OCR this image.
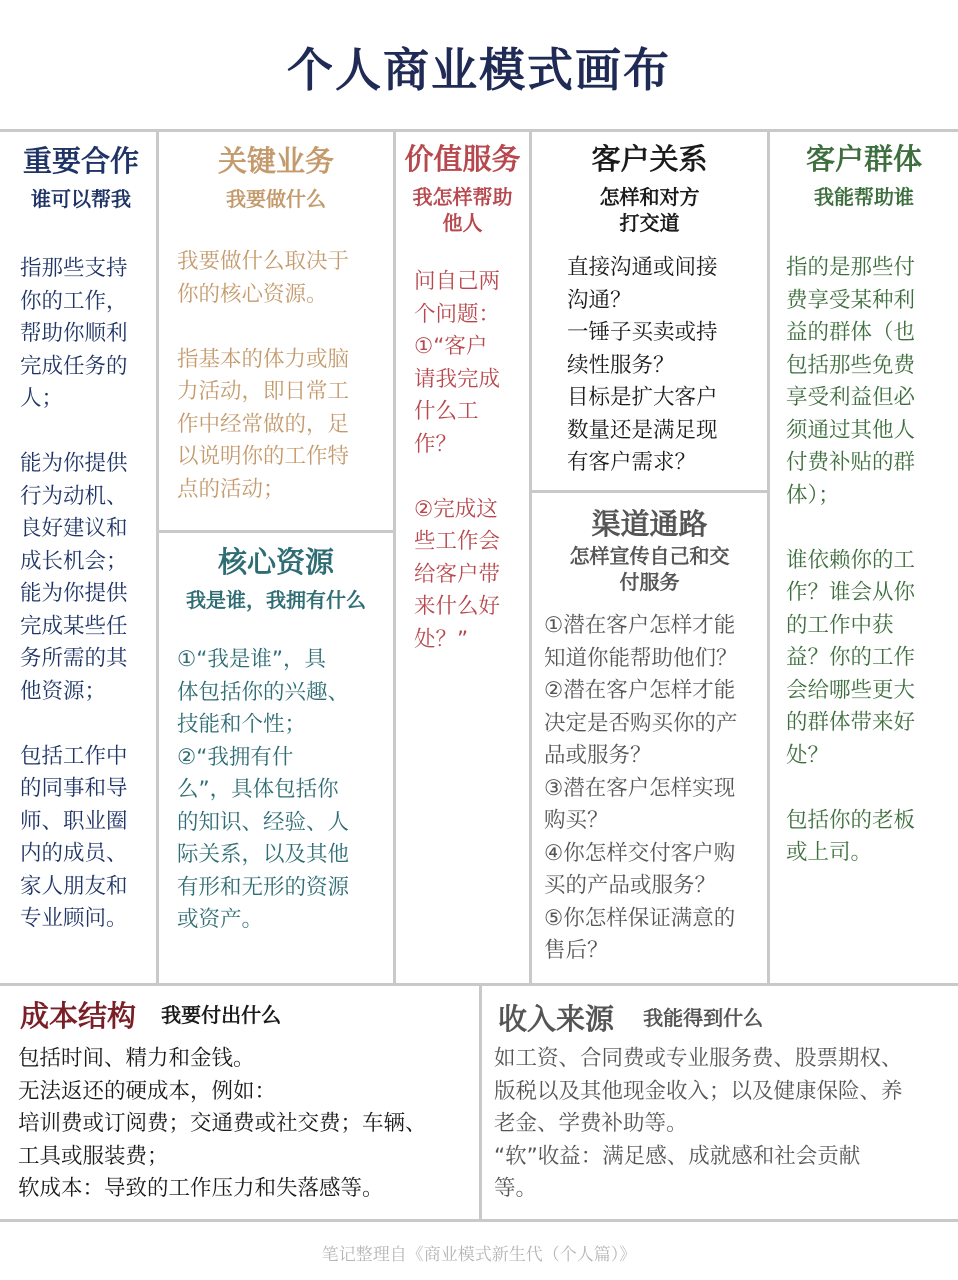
个人商业模式画布
重要合作
谁可以帮我
指那些支持
你的工作，
帮助你顺利
完成任务的
人；

能为你提供
行为动机、
良好建议和
成长机会；
能为你提供
完成某些任
务所需的其
他资源；

包括工作中
的同事和导
师、职业圈
内的成员、
家人朋友和
专业顾问。
关键业务
我要做什么
我要做什么取决于
你的核心资源。

指基本的体力或脑
力活动，即日常工
作中经常做的，足
以说明你的工作特
点的活动；
核心资源
我是谁，我拥有什么
①“我是谁”，具
体包括你的兴趣、
技能和个性；
②“我拥有什
么”，具体包括你
的知识、经验、人
际关系，以及其他
有形和无形的资源
或资产。
价值服务
我怎样帮助
他人
问自己两
个问题：
①“客户
请我完成
什么工
作？

②完成这
些工作会
给客户带
来什么好
处？”
客户关系
怎样和对方
打交道
直接沟通或间接
沟通？
一锤子买卖或持
续性服务？
目标是扩大客户
数量还是满足现
有客户需求？
渠道通路
怎样宣传自己和交
付服务
①潜在客户怎样才能
知道你能帮助他们？
②潜在客户怎样才能
决定是否购买你的产
品或服务？
③潜在客户怎样实现
购买？
④你怎样交付客户购
买的产品或服务？
⑤你怎样保证满意的
售后？
客户群体
我能帮助谁
指的是那些付
费享受某种利
益的群体（也
包括那些免费
享受利益但必
须通过其他人
付费补贴的群
体）；

谁依赖你的工
作？谁会从你
的工作中获
益？你的工作
会给哪些更大
的群体带来好
处？

包括你的老板
或上司。
成本结构 我要付出什么
包括时间、精力和金钱。
无法返还的硬成本，例如：
培训费或订阅费；交通费或社交费；车辆、
工具或服装费；
软成本：导致的工作压力和失落感等。
收入来源 我能得到什么
如工资、合同费或专业服务费、股票期权、
版税以及其他现金收入；以及健康保险、养
老金、学费补助等。
“软”收益：满足感、成就感和社会贡献
等。
笔记整理自《商业模式新生代（个人篇）》
